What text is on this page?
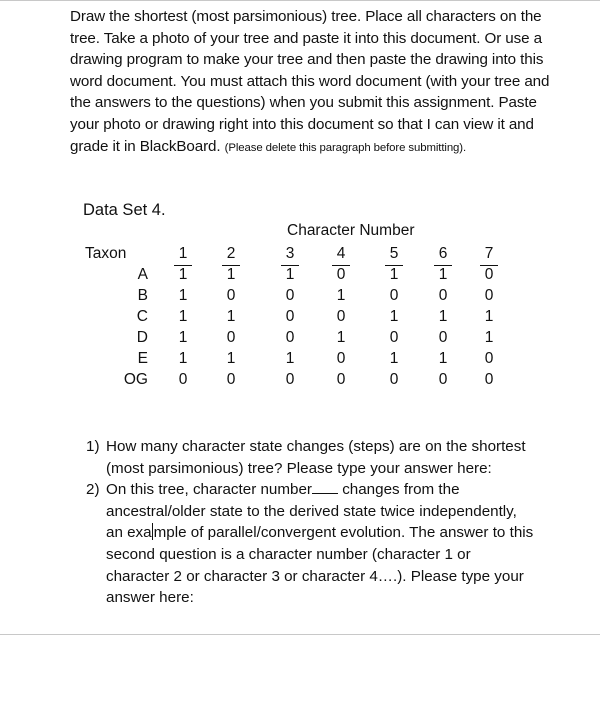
Draw the shortest (most parsimonious) tree. Place all characters on the tree. Take a photo of your tree and paste it into this document. Or use a drawing program to make your tree and then paste the drawing into this word document. You must attach this word document (with your tree and the answers to the questions) when you submit this assignment. Paste your photo or drawing right into this document so that I can view it and grade it in BlackBoard. (Please delete this paragraph before submitting).

Data Set 4.
Character Number
Taxon	1	2	3	4	5	6	7
A	1	1	1	0	1	1	0
B	1	0	0	1	0	0	0
C	1	1	0	0	1	1	1
D	1	0	0	1	0	0	1
E	1	1	1	0	1	1	0
OG	0	0	0	0	0	0	0
1) How many character state changes (steps) are on the shortest (most parsimonious) tree? Please type your answer here:
2) On this tree, character number changes from the ancestral/older state to the derived state twice independently, an exa mple of parallel/convergent evolution. The answer to this second question is a character number (character 1 or character 2 or character 3 or character 4….). Please type your answer here:
